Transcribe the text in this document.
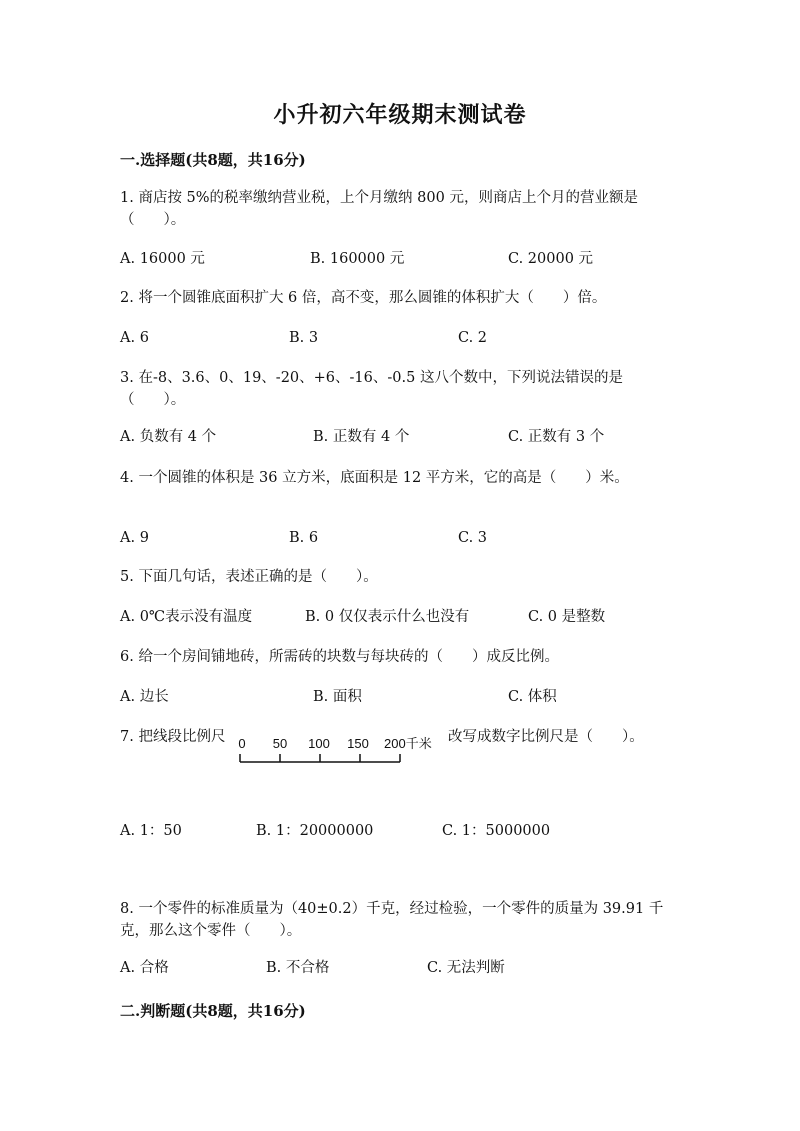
小升初六年级期末测试卷
一.选择题(共8题，共16分)
1. 商店按 5%的税率缴纳营业税，上个月缴纳 800 元，则商店上个月的营业额是（　　）。
A. 16000 元	B. 160000 元	C. 20000 元
2. 将一个圆锥底面积扩大 6 倍，高不变，那么圆锥的体积扩大（　　）倍。
A. 6	B. 3	C. 2
3. 在-8、3.6、0、19、-20、+6、-16、-0.5 这八个数中，下列说法错误的是（　　）。
A. 负数有 4 个	B. 正数有 4 个	C. 正数有 3 个
4. 一个圆锥的体积是 36 立方米，底面积是 12 平方米，它的高是（　　）米。
A. 9	B. 6	C. 3
5. 下面几句话，表述正确的是（　　）。
A. 0℃表示没有温度	B. 0 仅仅表示什么也没有	C. 0 是整数
6. 给一个房间铺地砖，所需砖的块数与每块砖的（　　）成反比例。
A. 边长	B. 面积	C. 体积
7. 把线段比例尺 0 50 100 150 200千米 改写成数字比例尺是（　　）。
A. 1：50	B. 1：20000000	C. 1：5000000
8. 一个零件的标准质量为（40±0.2）千克，经过检验，一个零件的质量为 39.91 千克，那么这个零件（　　）。
A. 合格	B. 不合格	C. 无法判断
二.判断题(共8题，共16分)
